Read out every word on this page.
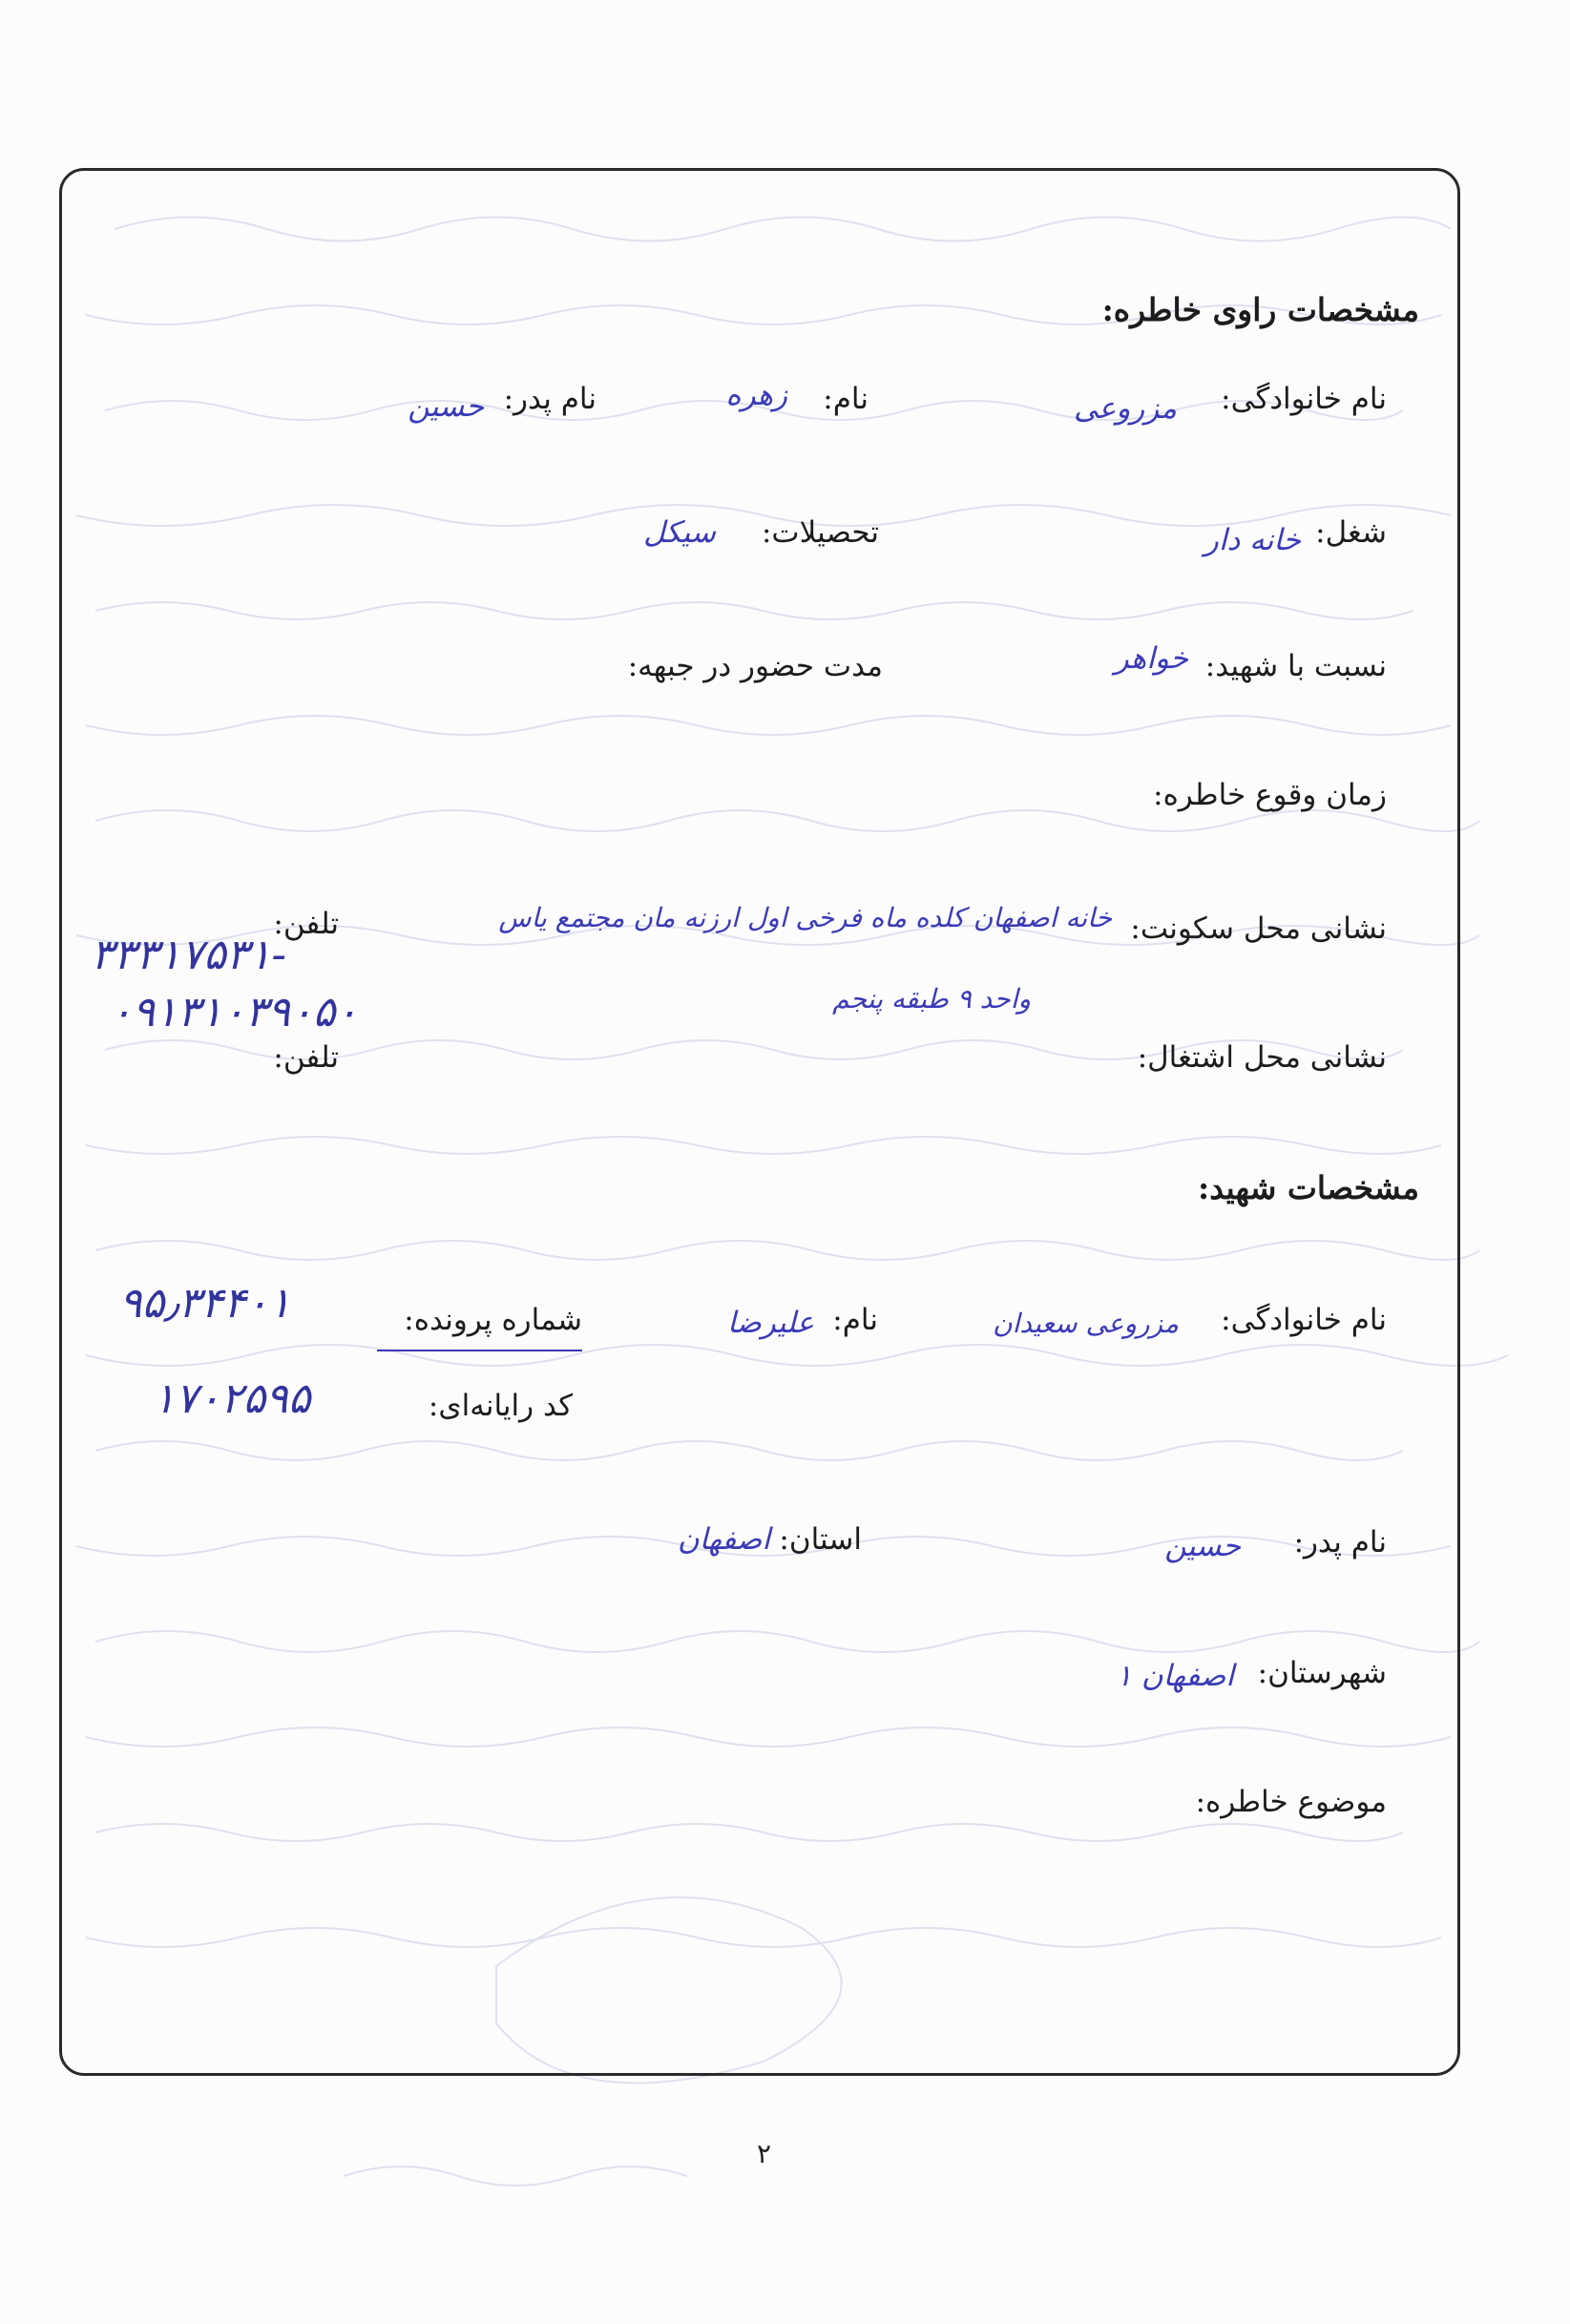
مشخصات راوی خاطره:
نام خانوادگی:
مزروعی
نام:
زهره
نام پدر:
حسین
شغل:
خانه دار
تحصیلات:
سیکل
نسبت با شهید:
خواهر
مدت حضور در جبهه:
زمان وقوع خاطره:
نشانی محل سکونت:
خانه اصفهان کلده ماه فرخی اول ارزنه مان مجتمع یاس
واحد ۹ طبقه پنجم
تلفن:
۳۳۳۱۷۵۳۱-
۰۹۱۳۱۰۳۹۰۵۰
نشانی محل اشتغال:
تلفن:
مشخصات شهید:
نام خانوادگی:
مزروعی سعیدان
نام:
علیرضا
شماره پرونده:
۹۵٫۳۴۴۰۱
کد رایانه‌ای:
۱۷۰۲۵۹۵
نام پدر:
حسین
استان:
اصفهان
شهرستان:
اصفهان ۱
موضوع خاطره:
۲
